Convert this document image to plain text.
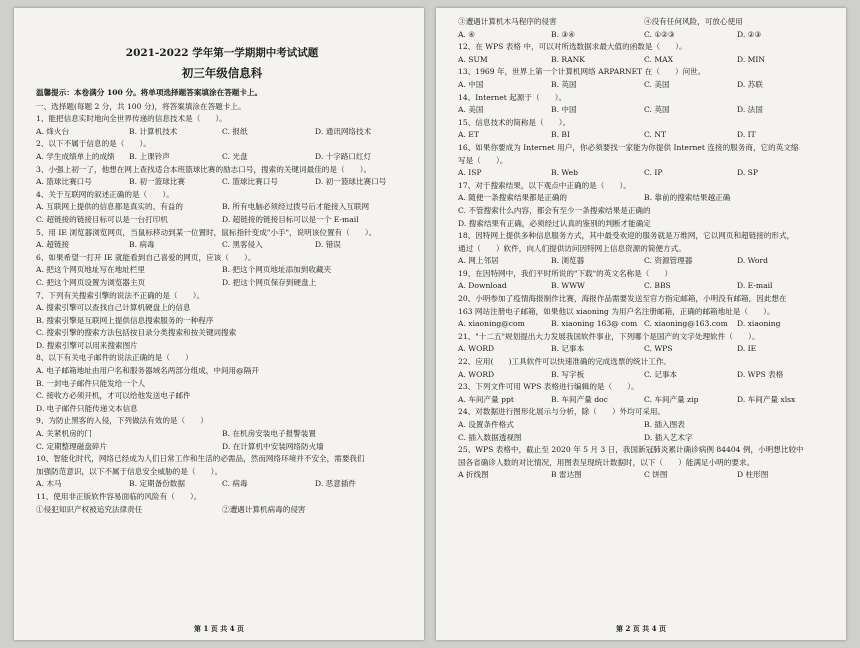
2021-2022 学年第一学期期中考试试题
初三年级信息科
温馨提示：本卷满分 100 分。将单项选择题答案填涂在答题卡上。
一、选择题(每题 2 分，共 100 分)，将答案填涂在答题卡上。
1、能把信息实时地向全世界传递的信息技术是（　　）。
A. 烽火台	B. 计算机技术	C. 报纸	D. 通讯网络技术
2、以下不属于信息的是（　　）。
A. 学生成绩单上的成绩	B. 上课铃声	C. 光盘	D. 十字路口红灯
3、小强上初一了，他想在网上查找适合本班篮球比赛的励志口号，搜索的关键词最佳的是（　　）。
A. 篮球比赛口号	B. 初一篮球比赛	C. 篮球比赛口号	D. 初一篮球比赛口号
4、关于互联网的叙述正确的是（　　）。
A. 互联网上提供的信息都是真实的、有益的	B. 所有电脑必须经过拨号后才能接入互联网
C. 超链接的链接目标可以是一台打印机	D. 超链接的链接目标可以是一个 E-mail
5、用 IE 浏览器浏览网页，当鼠标移动到某一位置时，鼠标指针变成"小手"，说明该位置有（　　）。
A. 超链接	B. 病毒	C. 黑客侵入	D. 错误
6、如果希望一打开 IE 就能看到自己喜爱的网页，应该（　　）。
A. 把这个网页地址写在地址栏里	B. 把这个网页地址添加到收藏夹
C. 把这个网页设置为浏览器主页	D. 把这个网页保存到硬盘上
7、下列有关搜索引擎的说法不正确的是（　　）。
A. 搜索引擎可以查找自己计算机硬盘上的信息
B. 搜索引擎是互联网上提供信息搜索服务的一种程序
C. 搜索引擎的搜索方法包括按目录分类搜索和按关键词搜索
D. 搜索引擎可以用来搜索图片
8、以下有关电子邮件的说法正确的是（　　）
A. 电子邮箱地址由用户名和服务器域名两部分组成，中间用@隔开
B. 一封电子邮件只能发给一个人
C. 接收方必须开机，才可以给他发送电子邮件
D. 电子邮件只能传递文本信息
9、为防止黑客的入侵，下列做法有效的是（　　）
A. 关紧机房的门	B. 在机房安装电子报警装置
C. 定期整理磁盘碎片	D. 在计算机中安装网络防火墙
10、智能化时代，网络已经成为人们日常工作和生活的必需品，然而网络环境并不安全，需要我们
加强防范意识，以下不属于信息安全威胁的是（　　）。
A. 木马	B. 定期备份数据	C. 病毒	D. 恶意插件
11、使用非正版软件容易面临的风险有（　　）。
①侵犯知识产权被追究法律责任	②遭遇计算机病毒的侵害
第 1 页 共 4 页
③遭遇计算机木马程序的侵害	④没有任何风险，可放心使用
A. ④	B. ③④	C. ①②③	D. ②③
12、在 WPS 表格 中，可以对所选数据求最大值的函数是（　　）。
A. SUM	B. RANK	C. MAX	D. MIN
13、1969 年，世界上第一个计算机网络 ARPARNET 在（　　）问世。
A. 中国	B. 英国	C. 美国	D. 苏联
14、Internet 起源于（　　）。
A. 美国	B. 中国	C. 英国	D. 法国
15、信息技术的简称是（　　）。
A. ET	B. BI	C. NT	D. IT
16、如果你要成为 Internet 用户，你必须要找一家能为你提供 Internet 连接的服务商，它的英文缩
写是（　　）。
A. ISP	B. Web	C. IP	D. SP
17、对于搜索结果，以下观点中正确的是（　　）。
A. 随便一条搜索结果都是正确的	B. 靠前的搜索结果越正确
C. 不管搜索什么内容，都会有至少一条搜索结果是正确的
D. 搜索结果有正确，必须经过认真的鉴别的判断才能确定
18、因特网上提供多种信息服务方式，其中最受欢迎的服务就是万维网，它以网页和超链接的形式，
通过（　　）软件，向人们提供访问因特网上信息资源的简便方式。
A. 网上邻居	B. 浏览器	C. 资源管理器	D. Word
19、在因特网中，我们平时所说的"下载"的英文名称是（　　）
A. Download	B. WWW	C. BBS	D. E-mail
20、小明参加了疫情海报制作比赛，海报作品需要发送至官方指定邮箱，小明没有邮箱，因此想在
163 网站注册电子邮箱，如果他以 xiaoning 为用户名注册邮箱，正确的邮箱地址是（　　）。
A. xiaoning@com	B. xiaoning 163@ com C. xiaoning@163.com	D. xiaoning
21、"十二五"规划提出大力发展我国软件事业，下列哪个是国产的文字处理软件（　　）。
A. WORD	B. 记事本	C. WPS	D. IE
22、应用(　　)工具软件可以快速准确的完成选票的统计工作。
A. WORD	B. 写字板	C. 记事本	D. WPS 表格
23、下列文件可用 WPS 表格进行编辑的是（　　）。
A. 车间产量 ppt	B. 车间产量 doc	C. 车间产量 zip	D. 车间产量 xlsx
24、对数据进行图形化展示与分析，除（　　）外均可采用。
A. 设置条件格式	B. 插入图表
C. 插入数据透视图	D. 插入艺术字
25、WPS 表格中，截止至 2020 年 5 月 3 日，我国新冠肺炎累计确诊病例 84404 例，小明想比较中
国各省确诊人数的对比情况，用图表呈现统计数据时，以下（　　）能满足小明的要求。
A 折线图	B 雷达图	C 饼图	D 柱形图
第 2 页 共 4 页
